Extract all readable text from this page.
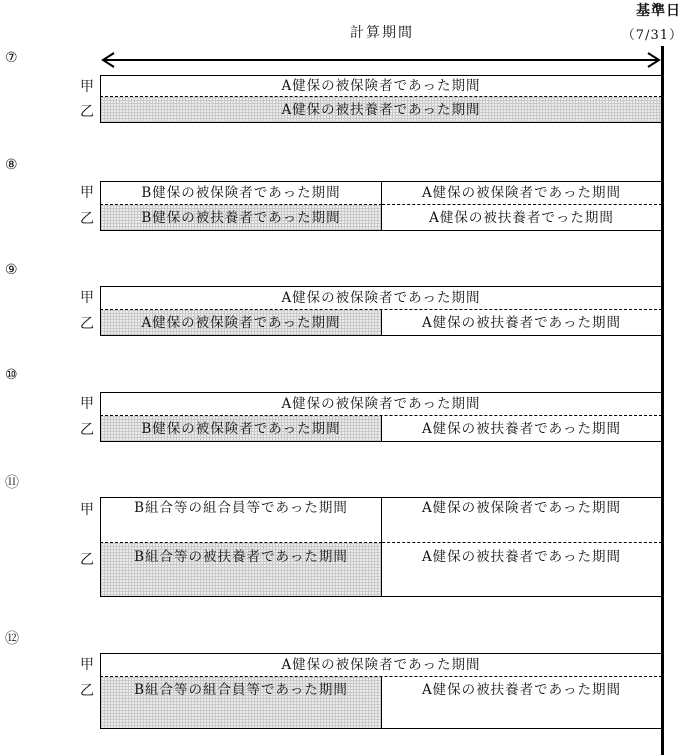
基準日
（7/31）
計算期間
⑦
甲	A健保の被保険者であった期間
乙	A健保の被扶養者であった期間
⑧
甲	B健保の被保険者であった期間	A健保の被保険者であった期間
乙	B健保の被扶養者であった期間	A健保の被扶養者でった期間
⑨
甲	A健保の被保険者であった期間
乙	A健保の被保険者であった期間	A健保の被扶養者であった期間
⑩
甲	A健保の被保険者であった期間
乙	B健保の被保険者であった期間	A健保の被扶養者であった期間
⑪
甲	B組合等の組合員等であった期間	A健保の被保険者であった期間
乙	B組合等の被扶養者であった期間	A健保の被扶養者であった期間
⑫
甲	A健保の被保険者であった期間
乙	B組合等の組合員等であった期間	A健保の被扶養者であった期間
